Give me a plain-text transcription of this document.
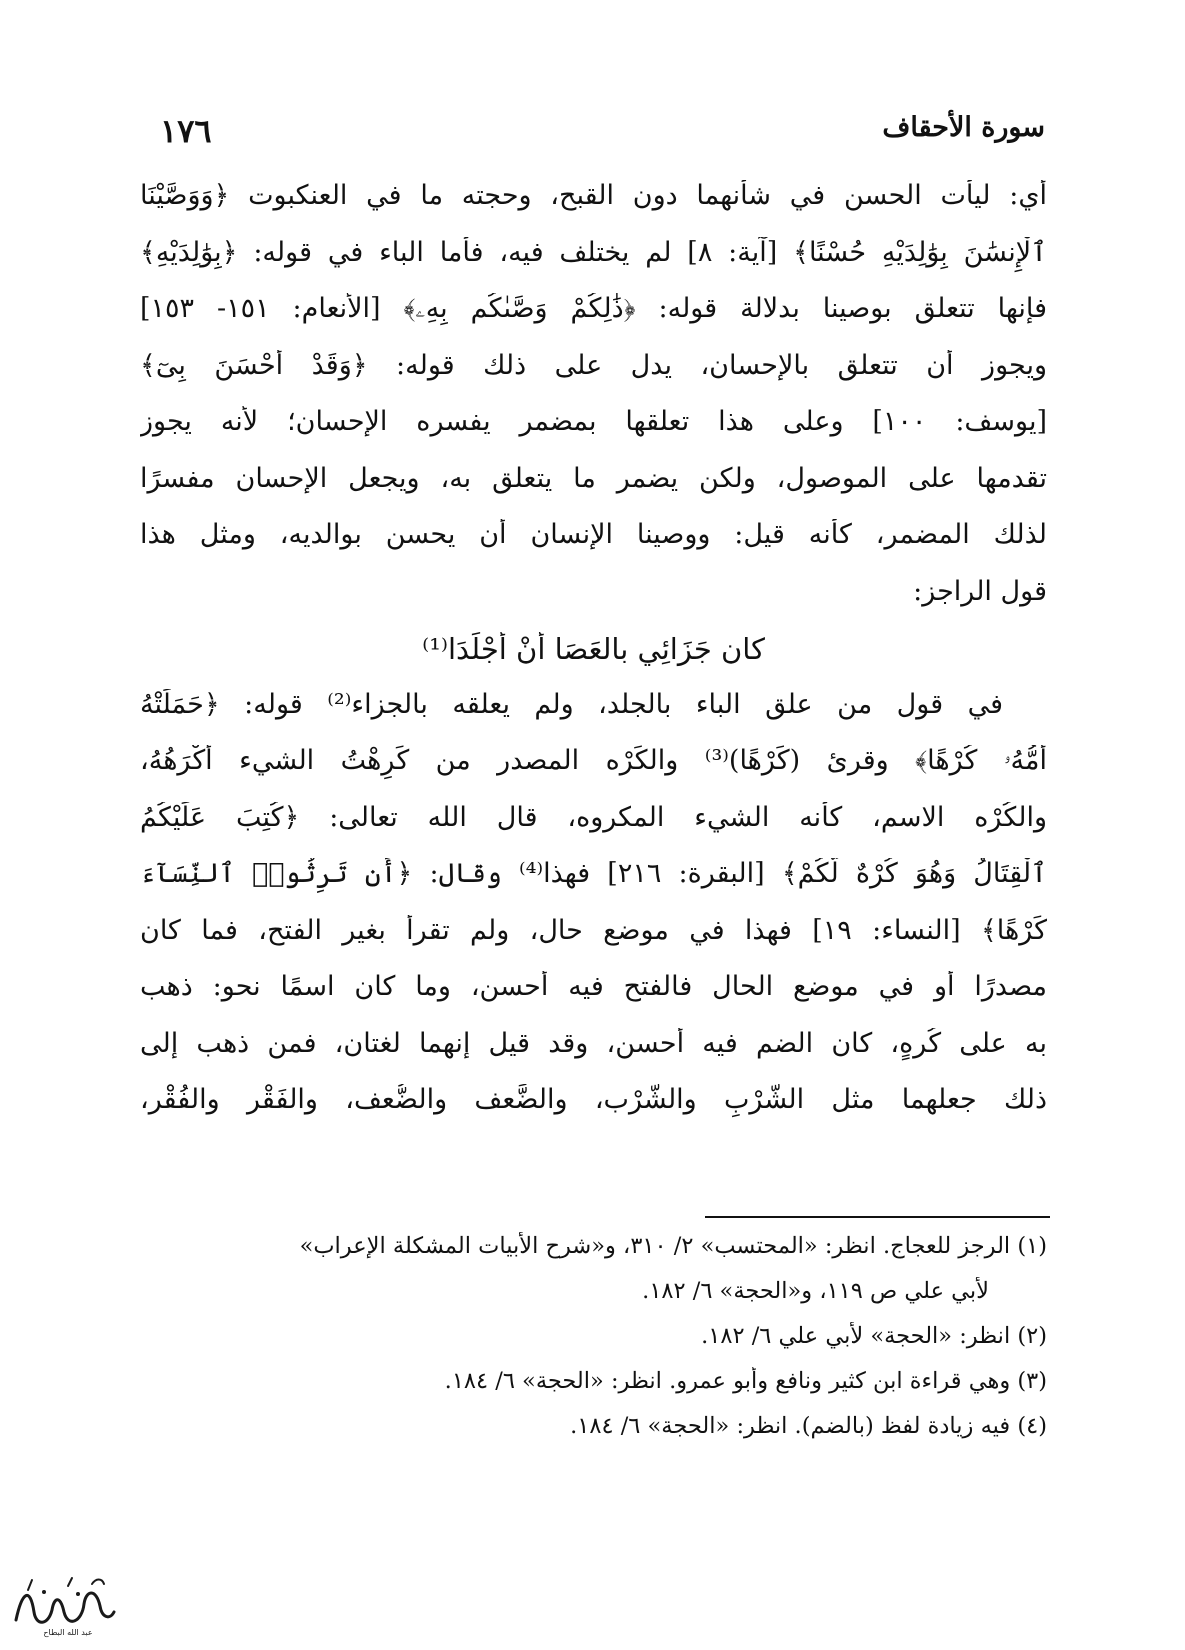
سورة الأحقاف
١٧٦
أي: ليأت الحسن في شأنهما دون القبح، وحجته ما في العنكبوت ﴿وَوَصَّيْنَا
ٱلْإِنسَٰنَ بِوَٰلِدَيْهِ حُسْنًا﴾ [آية: ٨] لم يختلف فيه، فأما الباء في قوله: ﴿بِوَٰلِدَيْهِ﴾
فإنها تتعلق بوصينا بدلالة قوله: ﴿ذَٰلِكُمْ وَصَّىٰكُم بِهِۦ﴾ [الأنعام: ١٥١- ١٥٣]
ويجوز أن تتعلق بالإحسان، يدل على ذلك قوله: ﴿وَقَدْ أَحْسَنَ بِىٓ﴾
[يوسف: ١٠٠] وعلى هذا تعلقها بمضمر يفسره الإحسان؛ لأنه يجوز
تقدمها على الموصول، ولكن يضمر ما يتعلق به، ويجعل الإحسان مفسرًا
لذلك المضمر، كأنه قيل: ووصينا الإنسان أن يحسن بوالديه، ومثل هذا
قول الراجز:
كان جَزَائِي بالعَصَا أَنْ أُجْلَدَا⁽¹⁾
في قول من علق الباء بالجلد، ولم يعلقه بالجزاء⁽²⁾ قوله: ﴿حَمَلَتْهُ
أُمُّهُۥ كُرْهًا﴾ وقرئ (كَرْهًا)⁽³⁾ والكَرْه المصدر من كَرِهْتُ الشيء أَكْرَهُهُ،
والكُرْه الاسم، كأنه الشيء المكروه، قال الله تعالى: ﴿كُتِبَ عَلَيْكُمُ
ٱلْقِتَالُ وَهُوَ كُرْهٌ لَّكُمْ﴾ [البقرة: ٢١٦] فهذا⁽⁴⁾ وقال: ﴿أَن تَرِثُوا۟ ٱلنِّسَآءَ
كَرْهًا﴾ [النساء: ١٩] فهذا في موضع حال، ولم تقرأ بغير الفتح، فما كان
مصدرًا أو في موضع الحال فالفتح فيه أحسن، وما كان اسمًا نحو: ذهب
به على كُرهٍ، كان الضم فيه أحسن، وقد قيل إنهما لغتان، فمن ذهب إلى
ذلك جعلهما مثل الشَّرْبِ والشُّرْب، والضَّعف والضُّعف، والفَقْر والفُقْر،
(١) الرجز للعجاج. انظر: «المحتسب» ٢/ ٣١٠، و«شرح الأبيات المشكلة الإعراب»
لأبي علي ص ١١٩، و«الحجة» ٦/ ١٨٢.
(٢) انظر: «الحجة» لأبي علي ٦/ ١٨٢.
(٣) وهي قراءة ابن كثير ونافع وأبو عمرو. انظر: «الحجة» ٦/ ١٨٤.
(٤) فيه زيادة لفظ (بالضم). انظر: «الحجة» ٦/ ١٨٤.
عبد الله البطاح
